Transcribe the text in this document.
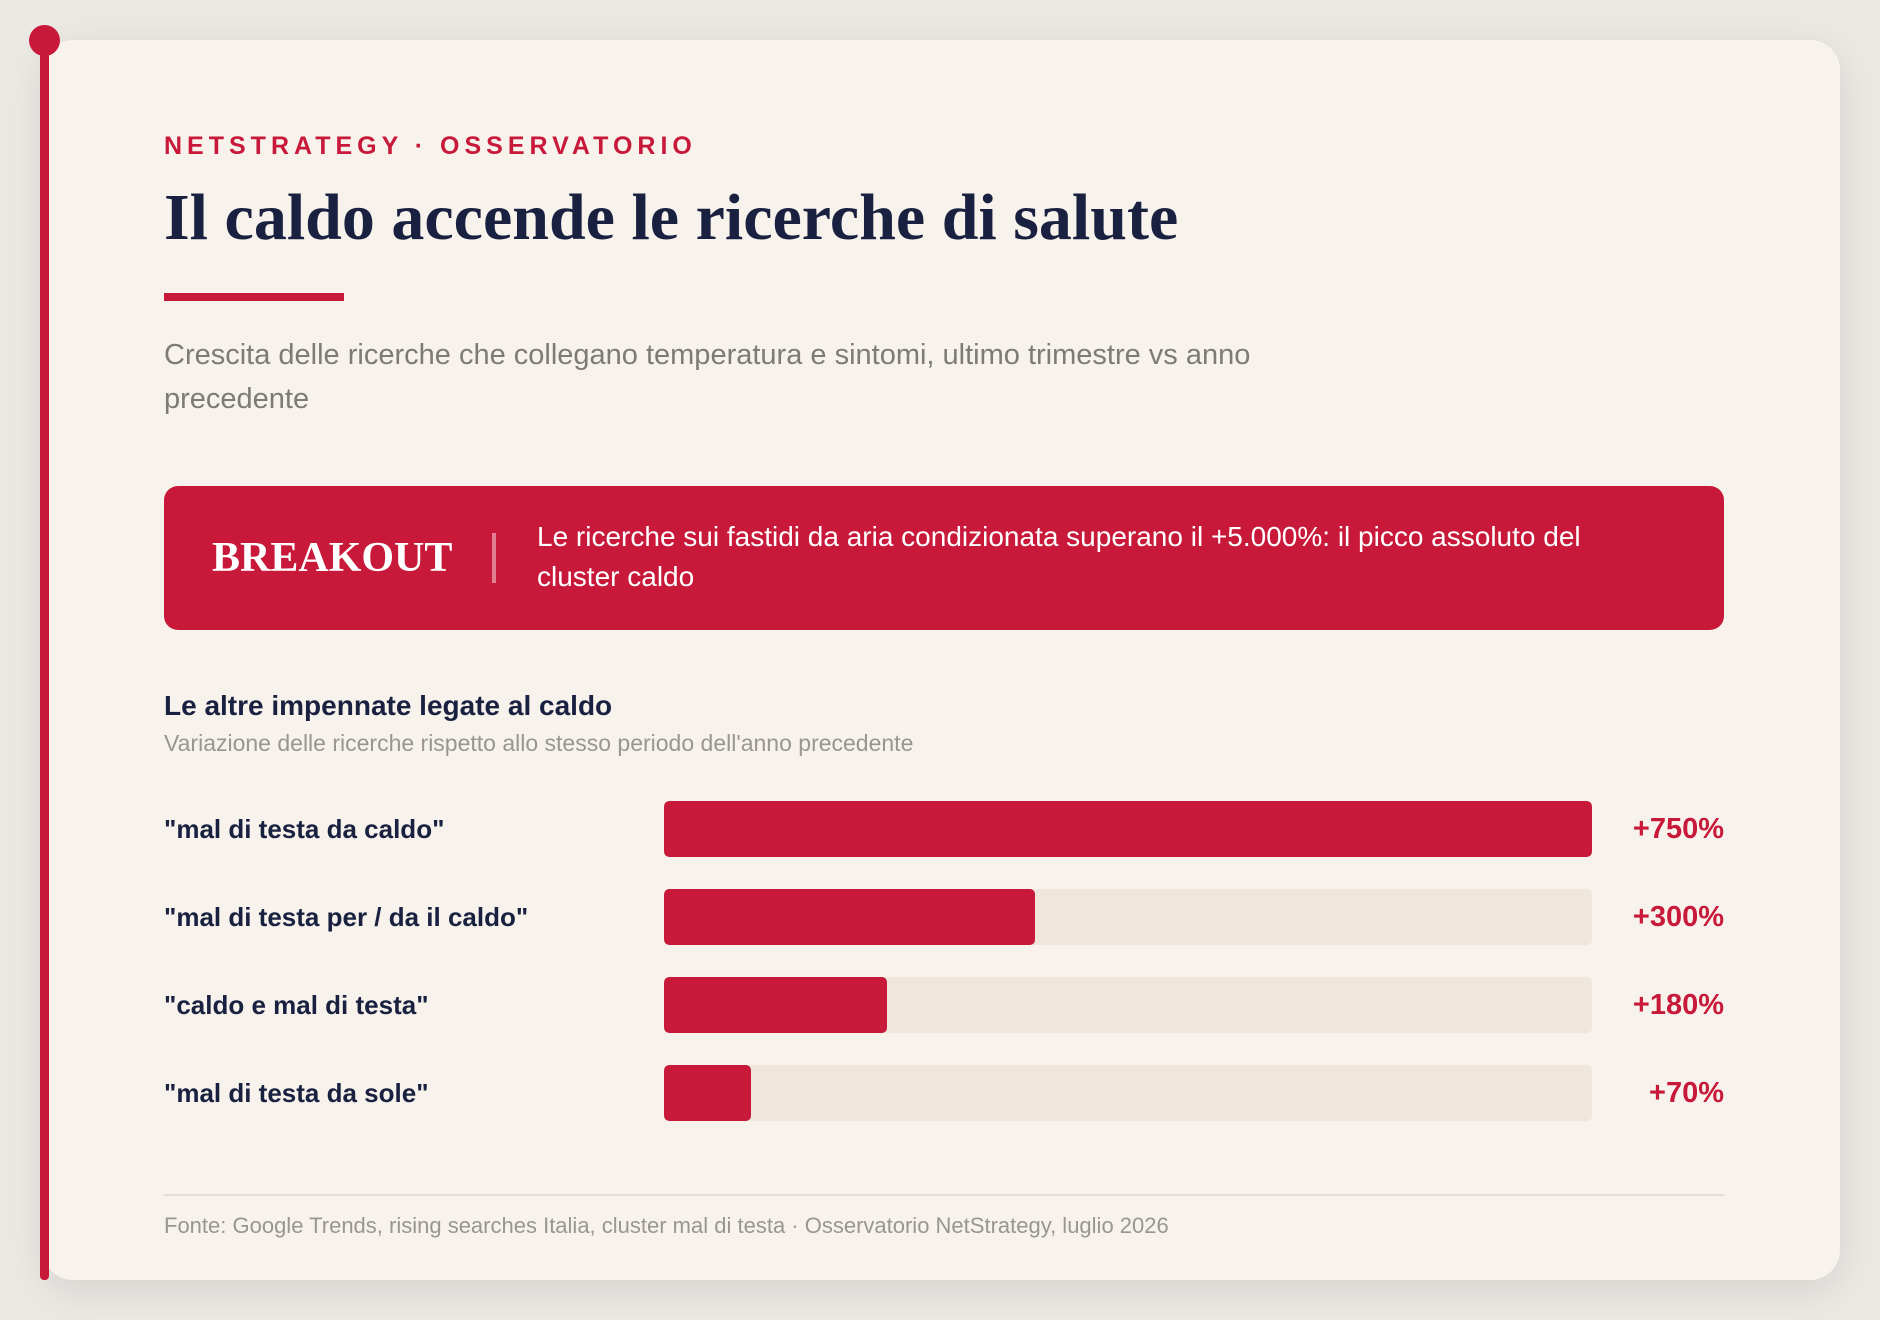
NETSTRATEGY · OSSERVATORIO
Il caldo accende le ricerche di salute
Crescita delle ricerche che collegano temperatura e sintomi, ultimo trimestre vs anno precedente
BREAKOUT	Le ricerche sui fastidi da aria condizionata superano il +5.000%: il picco assoluto del cluster caldo
Le altre impennate legate al caldo
Variazione delle ricerche rispetto allo stesso periodo dell'anno precedente
"mal di testa da caldo"	+750%
"mal di testa per / da il caldo"	+300%
"caldo e mal di testa"	+180%
"mal di testa da sole"	+70%
Fonte: Google Trends, rising searches Italia, cluster mal di testa · Osservatorio NetStrategy, luglio 2026
